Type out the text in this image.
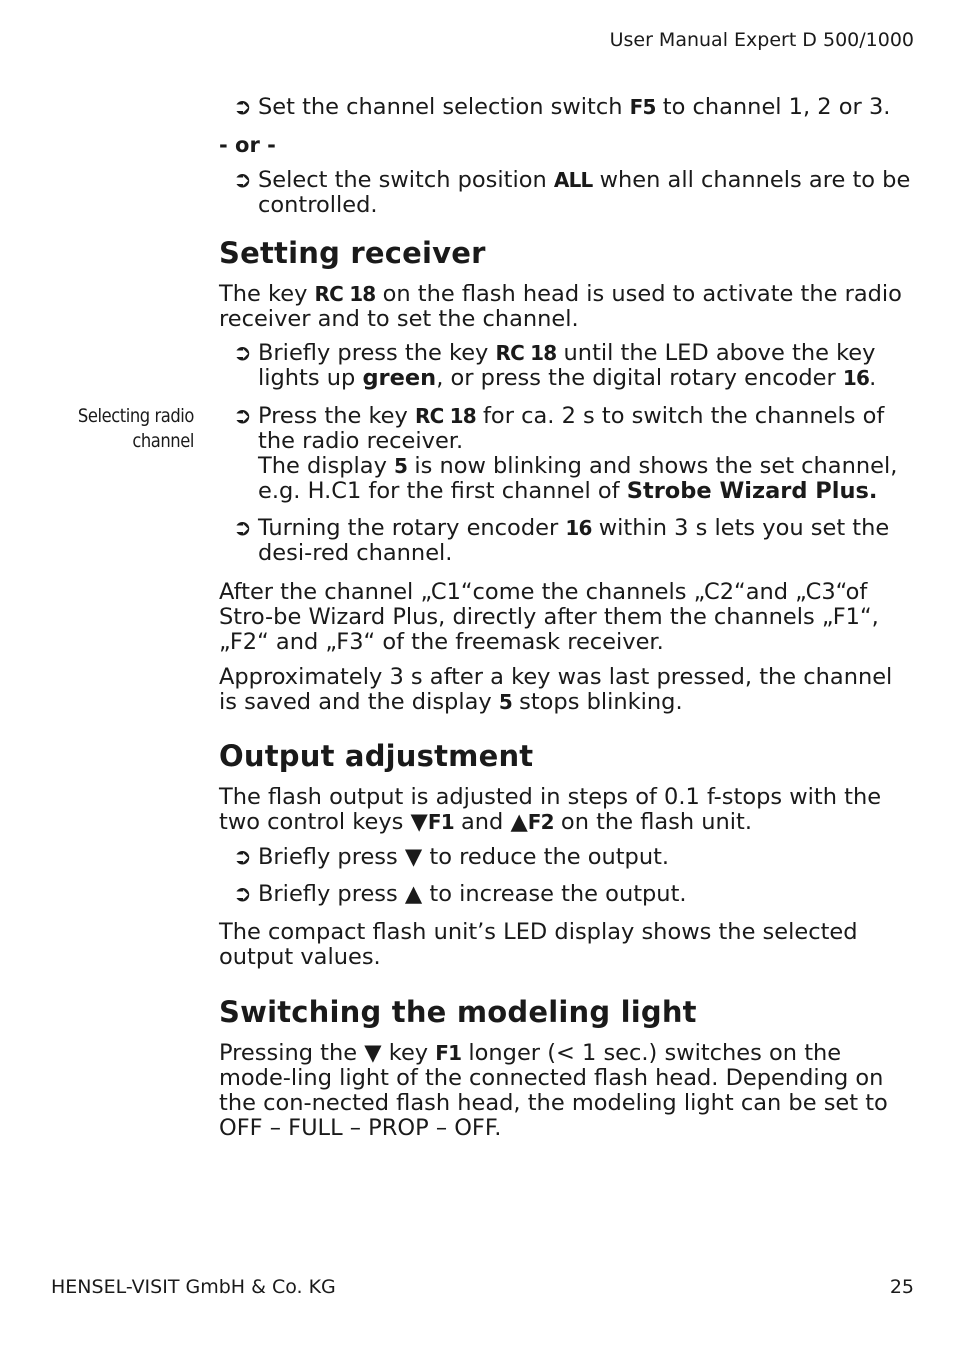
User Manual Expert D 500/1000
➲ Set the channel selection switch F5 to channel 1, 2 or 3.
- or -
➲ Select the switch position ALL when all channels are to be controlled.
Setting receiver
The key RC 18 on the flash head is used to activate the radio receiver and to set the channel.
➲ Briefly press the key RC 18 until the LED above the key lights up green, or press the digital rotary encoder 16.
Selecting radio
channel
➲ Press the key RC 18 for ca. 2 s to switch the channels of the radio receiver.
The display 5 is now blinking and shows the set channel, e.g. H.C1 for the first channel of Strobe Wizard Plus.
➲ Turning the rotary encoder 16 within 3 s lets you set the desi-red channel.
After the channel „C1“come the channels „C2“and „C3“of Stro-be Wizard Plus, directly after them the channels „F1“, „F2“ and „F3“ of the freemask receiver.
Approximately 3 s after a key was last pressed, the channel is saved and the display 5 stops blinking.
Output adjustment
The flash output is adjusted in steps of 0.1 f-stops with the two control keys ▼F1 and ▲F2 on the flash unit.
➲ Briefly press ▼ to reduce the output.
➲ Briefly press ▲ to increase the output.
The compact flash unit’s LED display shows the selected output values.
Switching the modeling light
Pressing the ▼ key F1 longer (< 1 sec.) switches on the mode-ling light of the connected flash head. Depending on the con-nected flash head, the modeling light can be set to OFF – FULL – PROP – OFF.
HENSEL-VISIT GmbH & Co. KG	25
